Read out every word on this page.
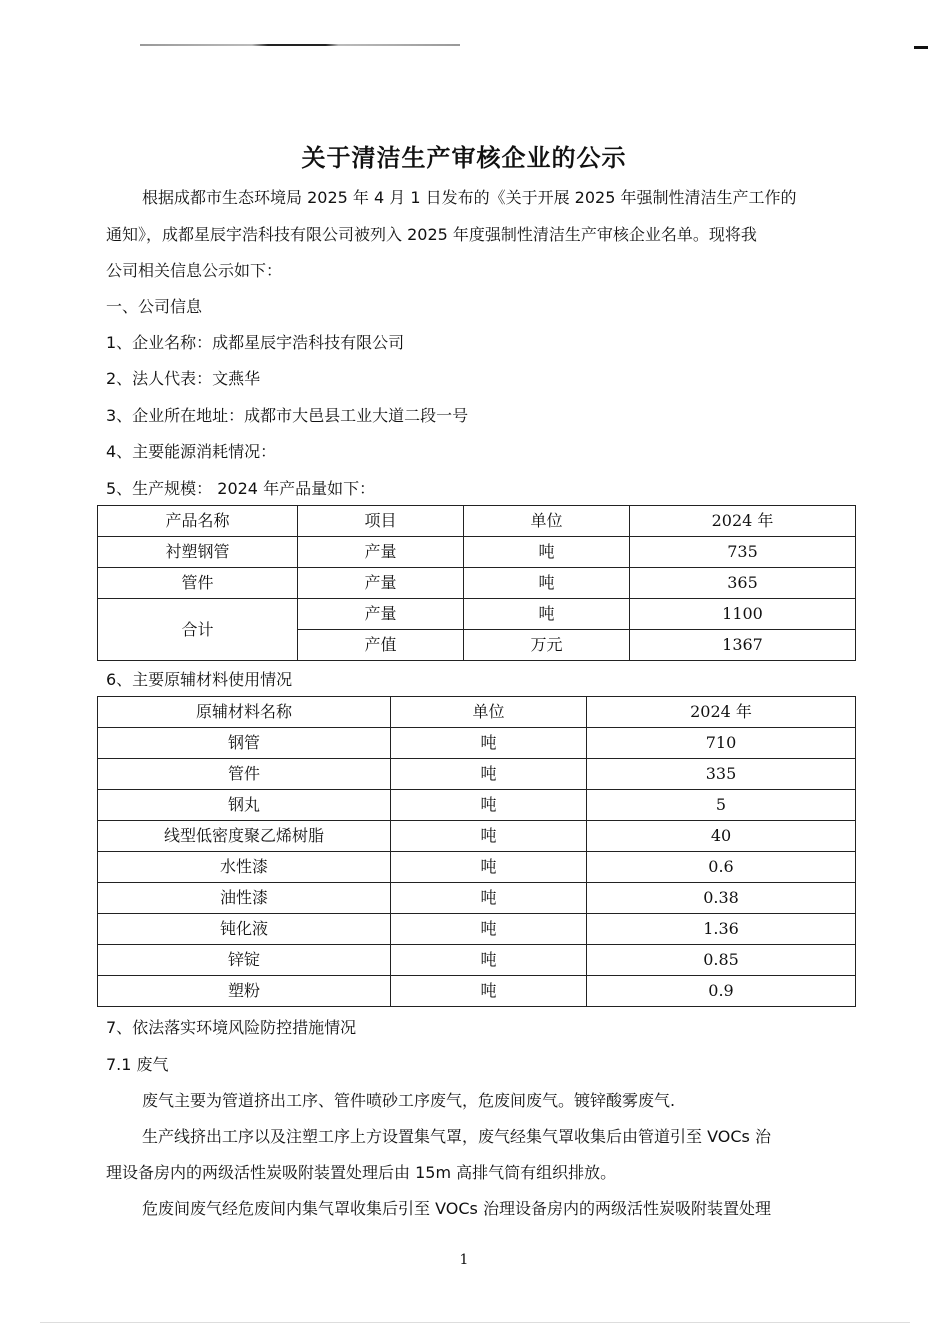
关于清洁生产审核企业的公示
根据成都市生态环境局 2025 年 4 月 1 日发布的《关于开展 2025 年强制性清洁生产工作的
通知》，成都星辰宇浩科技有限公司被列入 2025 年度强制性清洁生产审核企业名单。现将我
公司相关信息公示如下：
一、公司信息
1、企业名称：成都星辰宇浩科技有限公司
2、法人代表：文燕华
3、企业所在地址：成都市大邑县工业大道二段一号
4、主要能源消耗情况：
5、生产规模： 2024 年产品量如下：
产品名称	项目	单位	2024 年
衬塑钢管	产量	吨	735
管件	产量	吨	365
合计	产量	吨	1100
	产值	万元	1367
6、主要原辅材料使用情况
原辅材料名称	单位	2024 年
钢管	吨	710
管件	吨	335
钢丸	吨	5
线型低密度聚乙烯树脂	吨	40
水性漆	吨	0.6
油性漆	吨	0.38
钝化液	吨	1.36
锌锭	吨	0.85
塑粉	吨	0.9
7、依法落实环境风险防控措施情况
7.1 废气
废气主要为管道挤出工序、管件喷砂工序废气，危废间废气。镀锌酸雾废气.
生产线挤出工序以及注塑工序上方设置集气罩，废气经集气罩收集后由管道引至 VOCs 治
理设备房内的两级活性炭吸附装置处理后由 15m 高排气筒有组织排放。
危废间废气经危废间内集气罩收集后引至 VOCs 治理设备房内的两级活性炭吸附装置处理
1
